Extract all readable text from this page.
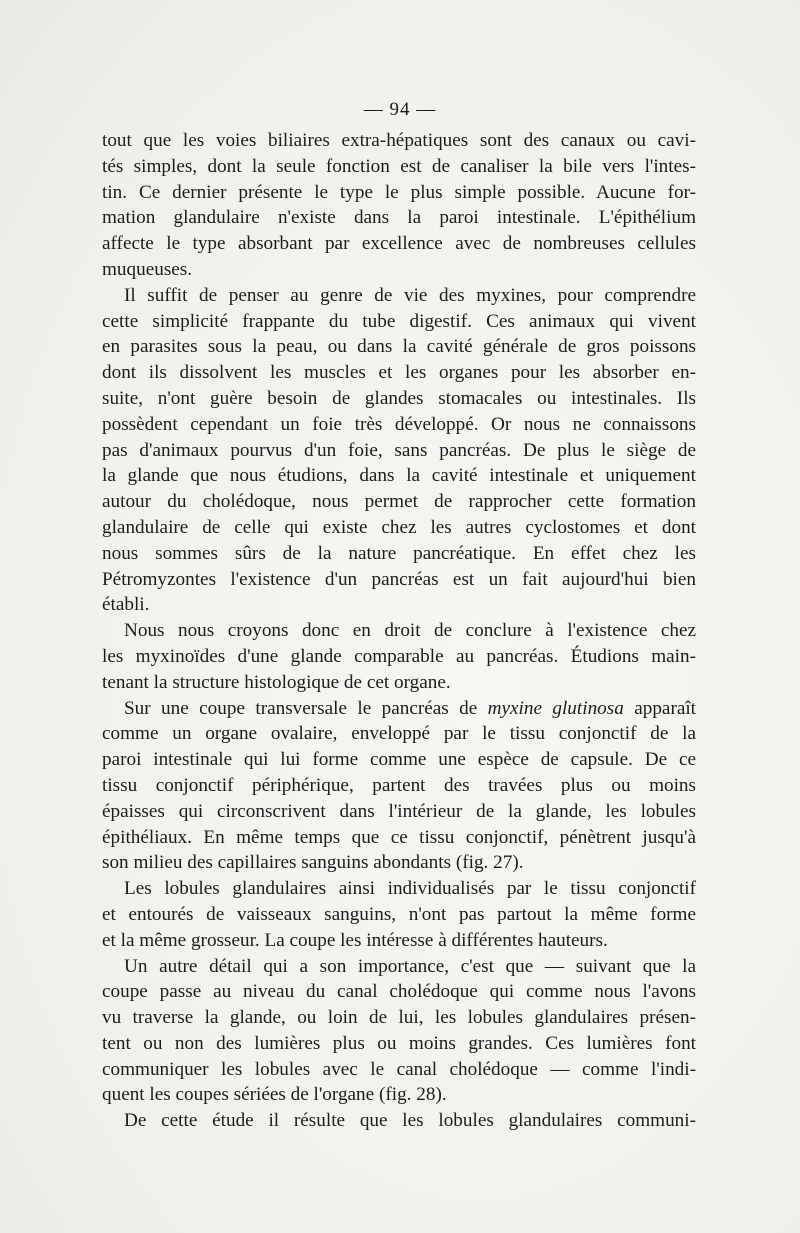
— 94 —

tout que les voies biliaires extra-hépatiques sont des canaux ou cavi-
tés simples, dont la seule fonction est de canaliser la bile vers l'intes-
tin. Ce dernier présente le type le plus simple possible. Aucune for-
mation glandulaire n'existe dans la paroi intestinale. L'épithélium
affecte le type absorbant par excellence avec de nombreuses cellules
muqueuses.

Il suffit de penser au genre de vie des myxines, pour comprendre
cette simplicité frappante du tube digestif. Ces animaux qui vivent
en parasites sous la peau, ou dans la cavité générale de gros poissons
dont ils dissolvent les muscles et les organes pour les absorber en-
suite, n'ont guère besoin de glandes stomacales ou intestinales. Ils
possèdent cependant un foie très développé. Or nous ne connaissons
pas d'animaux pourvus d'un foie, sans pancréas. De plus le siège de
la glande que nous étudions, dans la cavité intestinale et uniquement
autour du cholédoque, nous permet de rapprocher cette formation
glandulaire de celle qui existe chez les autres cyclostomes et dont
nous sommes sûrs de la nature pancréatique. En effet chez les
Pétromyzontes l'existence d'un pancréas est un fait aujourd'hui bien
établi.

Nous nous croyons donc en droit de conclure à l'existence chez
les myxinoïdes d'une glande comparable au pancréas. Étudions main-
tenant la structure histologique de cet organe.

Sur une coupe transversale le pancréas de myxine glutinosa apparaît
comme un organe ovalaire, enveloppé par le tissu conjonctif de la
paroi intestinale qui lui forme comme une espèce de capsule. De ce
tissu conjonctif périphérique, partent des travées plus ou moins
épaisses qui circonscrivent dans l'intérieur de la glande, les lobules
épithéliaux. En même temps que ce tissu conjonctif, pénètrent jusqu'à
son milieu des capillaires sanguins abondants (fig. 27).

Les lobules glandulaires ainsi individualisés par le tissu conjonctif
et entourés de vaisseaux sanguins, n'ont pas partout la même forme
et la même grosseur. La coupe les intéresse à différentes hauteurs.

Un autre détail qui a son importance, c'est que — suivant que la
coupe passe au niveau du canal cholédoque qui comme nous l'avons
vu traverse la glande, ou loin de lui, les lobules glandulaires présen-
tent ou non des lumières plus ou moins grandes. Ces lumières font
communiquer les lobules avec le canal cholédoque — comme l'indi-
quent les coupes sériées de l'organe (fig. 28).

De cette étude il résulte que les lobules glandulaires communi-
